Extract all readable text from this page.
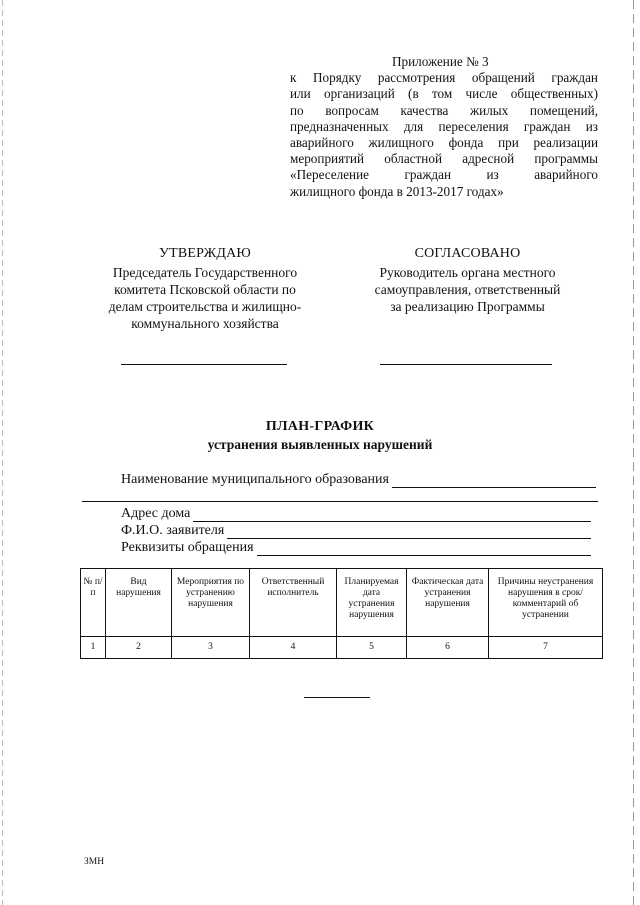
Приложение № 3
к Порядку рассмотрения обращений граждан
или организаций (в том числе общественных)
по вопросам качества жилых помещений,
предназначенных для переселения граждан из
аварийного жилищного фонда при реализации
мероприятий областной адресной программы
«Переселение граждан из аварийного
жилищного фонда в 2013-2017 годах»
УТВЕРЖДАЮ
Председатель Государственного
комитета Псковской области по
делам строительства и жилищно-
коммунального хозяйства
СОГЛАСОВАНО
Руководитель органа местного
самоуправления, ответственный
за реализацию Программы
ПЛАН-ГРАФИК
устранения выявленных нарушений
Наименование муниципального образования
Адрес дома
Ф.И.О. заявителя
Реквизиты обращения
№ п/п	Вид нарушения	Мероприятия по устранению нарушения	Ответственный исполнитель	Планируемая дата устранения нарушения	Фактическая дата устранения нарушения	Причины неустранения нарушения в срок/комментарий об устранении
1	2	3	4	5	6	7
ЗМН
